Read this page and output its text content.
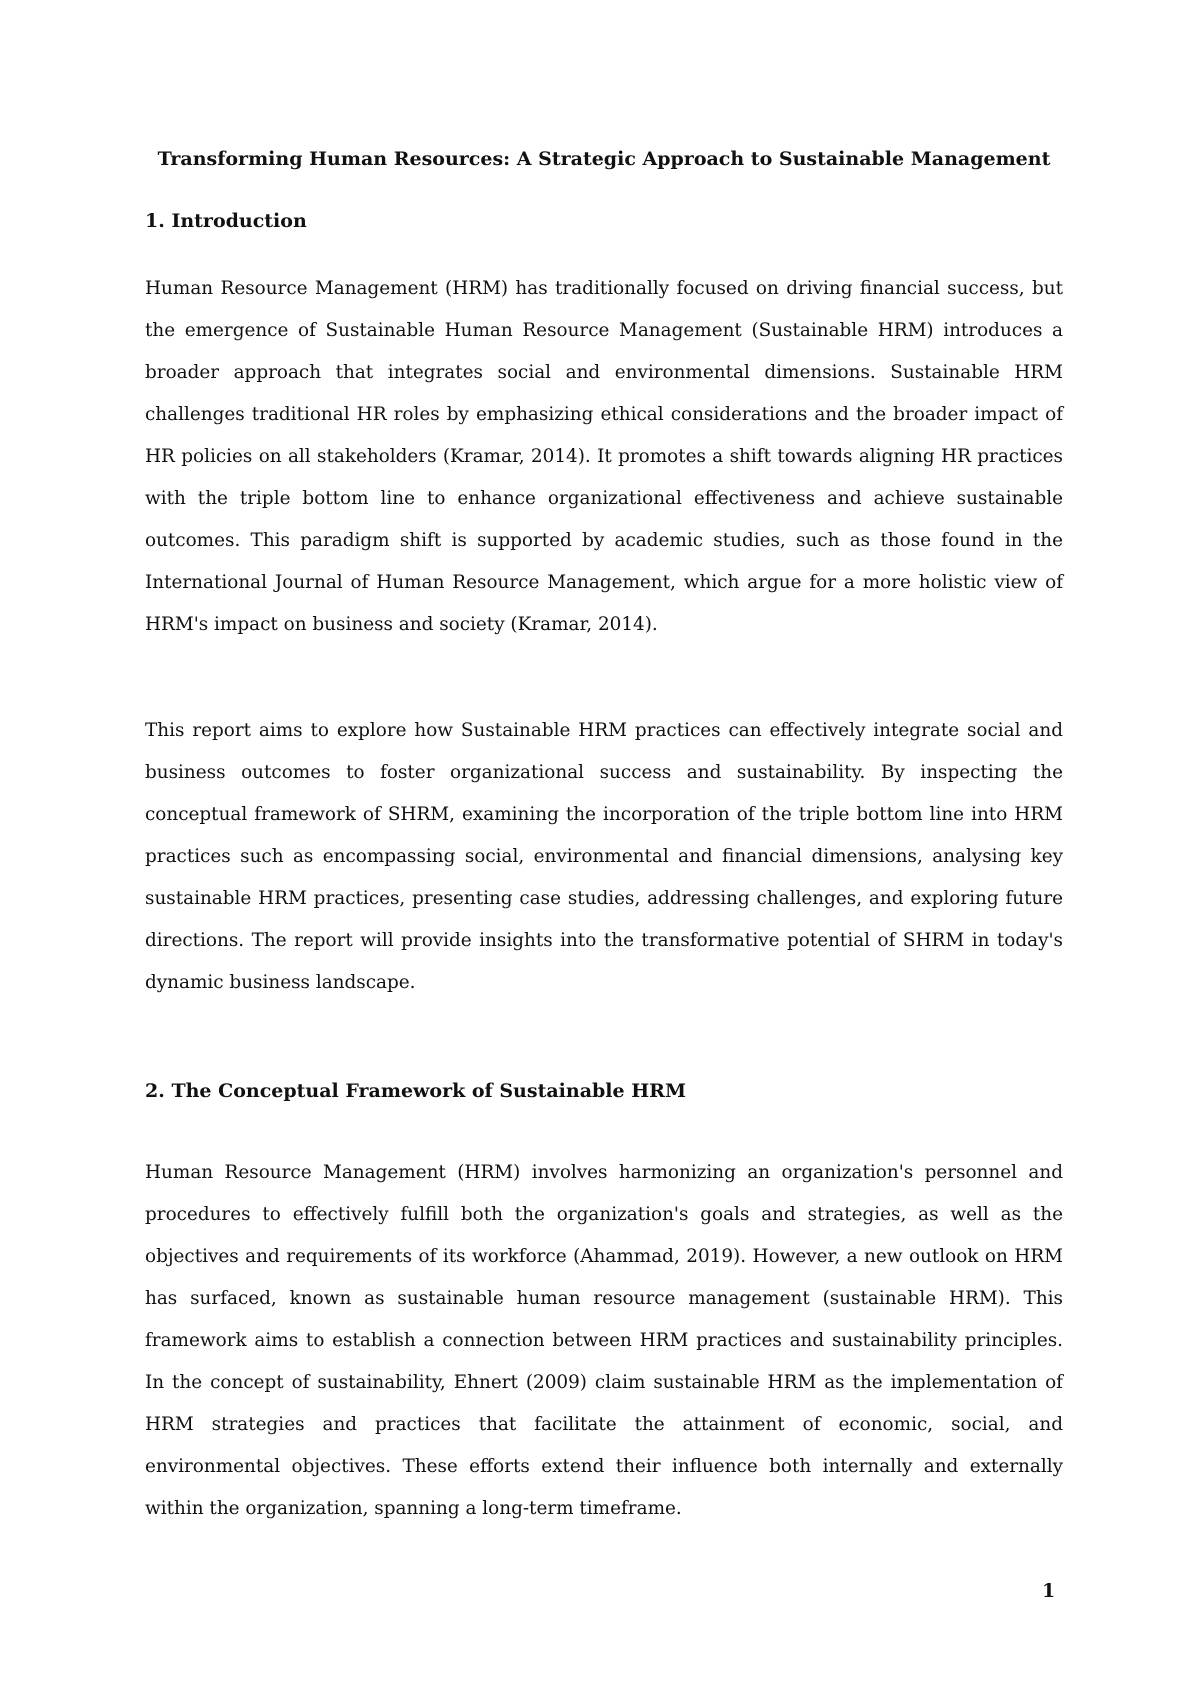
Transforming Human Resources: A Strategic Approach to Sustainable Management
1. Introduction

Human Resource Management (HRM) has traditionally focused on driving financial success, but the emergence of Sustainable Human Resource Management (Sustainable HRM) introduces a broader approach that integrates social and environmental dimensions. Sustainable HRM challenges traditional HR roles by emphasizing ethical considerations and the broader impact of HR policies on all stakeholders (Kramar, 2014). It promotes a shift towards aligning HR practices with the triple bottom line to enhance organizational effectiveness and achieve sustainable outcomes. This paradigm shift is supported by academic studies, such as those found in the International Journal of Human Resource Management, which argue for a more holistic view of HRM's impact on business and society (Kramar, 2014).

This report aims to explore how Sustainable HRM practices can effectively integrate social and business outcomes to foster organizational success and sustainability. By inspecting the conceptual framework of SHRM, examining the incorporation of the triple bottom line into HRM practices such as encompassing social, environmental and financial dimensions, analysing key sustainable HRM practices, presenting case studies, addressing challenges, and exploring future directions. The report will provide insights into the transformative potential of SHRM in today's dynamic business landscape.

2. The Conceptual Framework of Sustainable HRM

Human Resource Management (HRM) involves harmonizing an organization's personnel and procedures to effectively fulfill both the organization's goals and strategies, as well as the objectives and requirements of its workforce (Ahammad, 2019). However, a new outlook on HRM has surfaced, known as sustainable human resource management (sustainable HRM). This framework aims to establish a connection between HRM practices and sustainability principles. In the concept of sustainability, Ehnert (2009) claim sustainable HRM as the implementation of HRM strategies and practices that facilitate the attainment of economic, social, and environmental objectives. These efforts extend their influence both internally and externally within the organization, spanning a long-term timeframe.

1
